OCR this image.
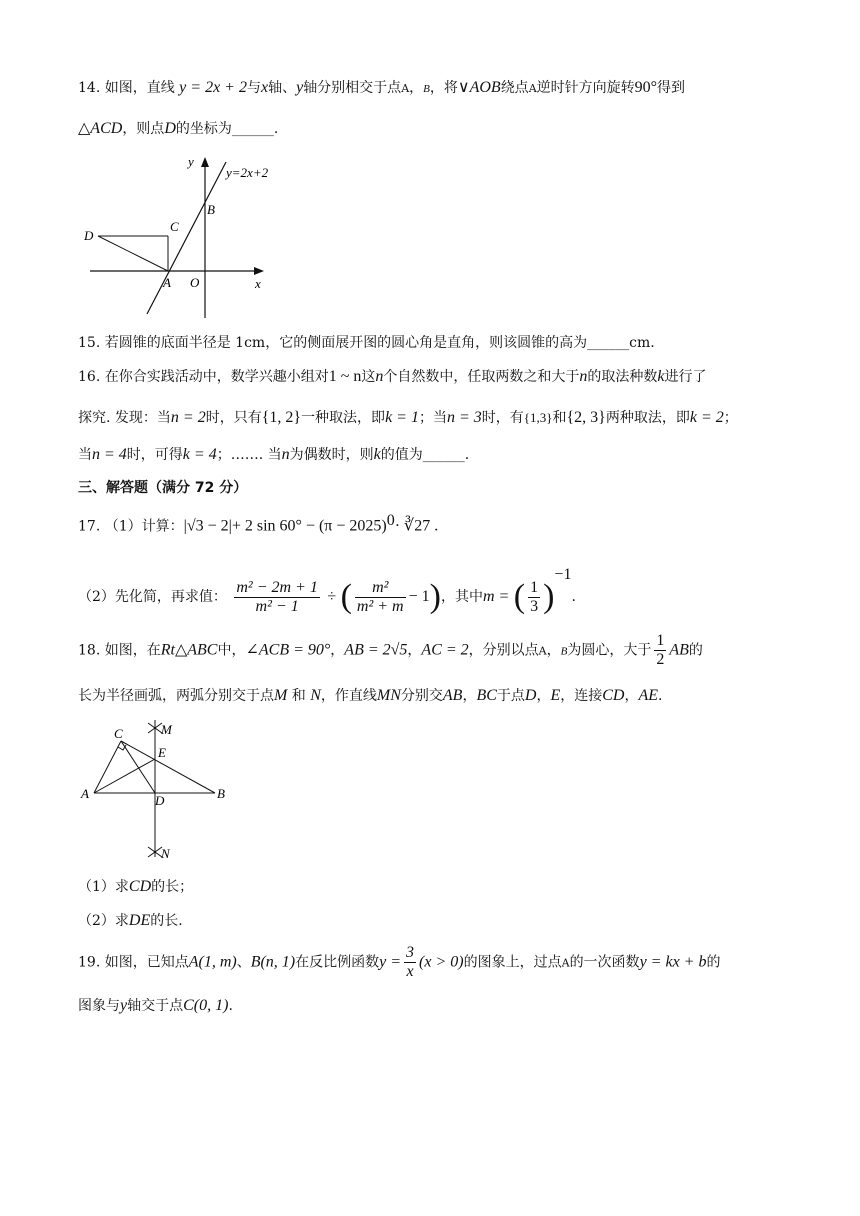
14. 如图，直线 y = 2x + 2与x轴、y轴分别相交于点A，B，将∨AOB绕点A逆时针方向旋转90°得到
△ACD，则点D的坐标为______.
y=2x+2
y
x
B
C
D
A O
15. 若圆锥的底面半径是 1cm，它的侧面展开图的圆心角是直角，则该圆锥的高为______cm.
16. 在你合实践活动中，数学兴趣小组对1 ~ n这n个自然数中，任取两数之和大于n的取法种数k进行了
探究. 发现：当n = 2时，只有{1, 2}一种取法，即k = 1；当n = 3时，有{1,3}和{2, 3}两种取法，即k = 2；
当n = 4时，可得k = 4；……. 当n为偶数时，则k的值为______.
三、解答题（满分 72 分）
17. （1）计算：|√3 − 2|+ 2 $\sin 60^\circ - (\pi - 2025)^0\cdot$ ∛27 .
（2）先化简，再求值： $\frac{\text{m² − 2m + 1}}{\text{m² − 1}}$ ÷ ( $\frac{\text{m²}}{\text{m² + m}} - 1$)，其中m = ( $\frac{1}{3} )^{-1}$.
18. 如图，在Rt△ABC中，∠ACB = 90°，AB = 2√5，AC = 2，分别以点A，B为圆心，大于 $\frac{1}{2}$ AB的
长为半径画弧，两弧分别交于点M 和 N，作直线MN分别交AB，BC于点D，E，连接CD，AE.
C	M
E
A	D	B
N
（1）求CD的长；
（2）求DE的长.
19. 如图，已知点A(1, m)、B(n, 1)在反比例函数$y = \frac{3}{x} (x > 0)$的图象上，过点A的一次函数y = kx + b的
图象与y轴交于点C(0, 1).
